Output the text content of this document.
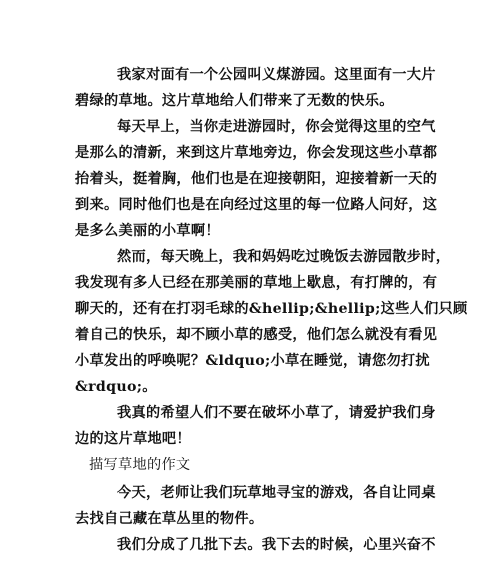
我家对面有一个公园叫义煤游园。这里面有一大片
碧绿的草地。这片草地给人们带来了无数的快乐。
每天早上，当你走进游园时，你会觉得这里的空气
是那么的清新，来到这片草地旁边，你会发现这些小草都
抬着头，挺着胸，他们也是在迎接朝阳，迎接着新一天的
到来。同时他们也是在向经过这里的每一位路人问好，这
是多么美丽的小草啊！
然而，每天晚上，我和妈妈吃过晚饭去游园散步时，
我发现有多人已经在那美丽的草地上歇息，有打牌的，有
聊天的，还有在打羽毛球的&hellip;&hellip;这些人们只顾
着自己的快乐，却不顾小草的感受，他们怎么就没有看见
小草发出的呼唤呢？&ldquo;小草在睡觉，请您勿打扰
&rdquo;。
我真的希望人们不要在破坏小草了，请爱护我们身
边的这片草地吧！
描写草地的作文
今天，老师让我们玩草地寻宝的游戏，各自让同桌
去找自己藏在草丛里的物件。
我们分成了几批下去。我下去的时候，心里兴奋不
